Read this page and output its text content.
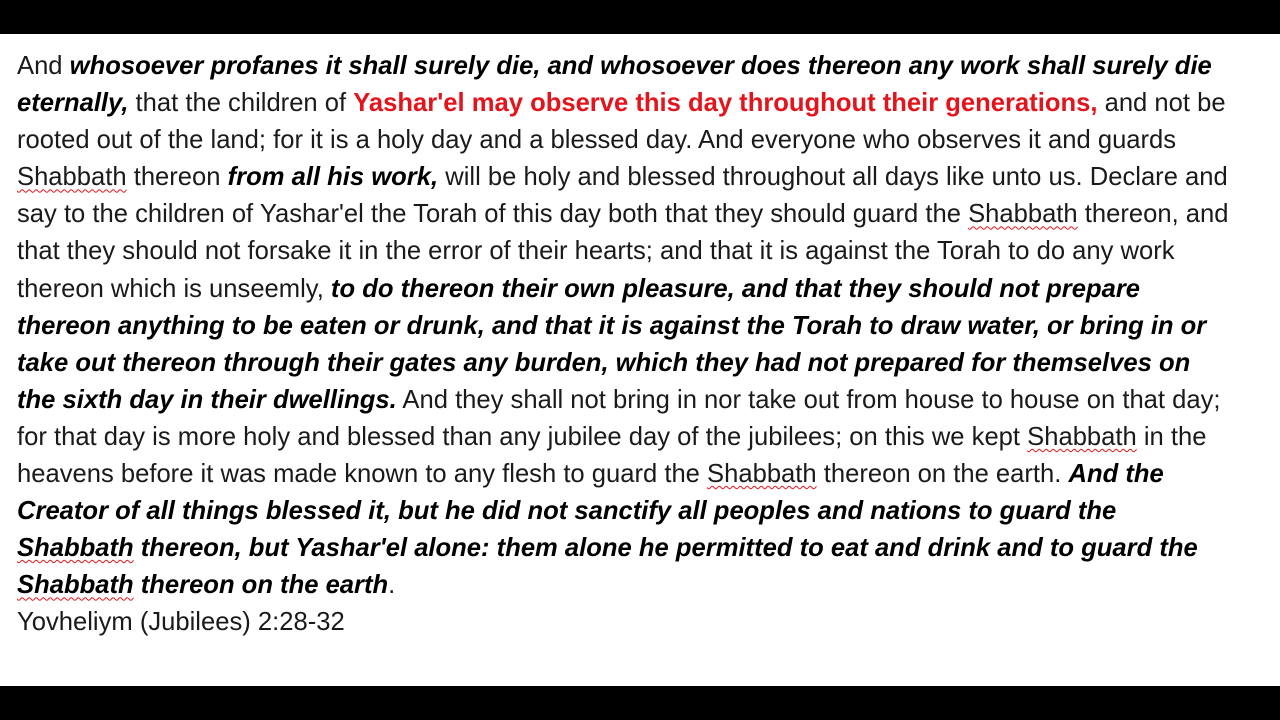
And whosoever profanes it shall surely die, and whosoever does thereon any work shall surely die eternally, that the children of Yashar'el may observe this day throughout their generations, and not be rooted out of the land; for it is a holy day and a blessed day. And everyone who observes it and guards Shabbath thereon from all his work, will be holy and blessed throughout all days like unto us. Declare and say to the children of Yashar'el the Torah of this day both that they should guard the Shabbath thereon, and that they should not forsake it in the error of their hearts; and that it is against the Torah to do any work thereon which is unseemly, to do thereon their own pleasure, and that they should not prepare thereon anything to be eaten or drunk, and that it is against the Torah to draw water, or bring in or take out thereon through their gates any burden, which they had not prepared for themselves on the sixth day in their dwellings. And they shall not bring in nor take out from house to house on that day; for that day is more holy and blessed than any jubilee day of the jubilees; on this we kept Shabbath in the heavens before it was made known to any flesh to guard the Shabbath thereon on the earth. And the Creator of all things blessed it, but he did not sanctify all peoples and nations to guard the Shabbath thereon, but Yashar'el alone: them alone he permitted to eat and drink and to guard the Shabbath thereon on the earth.
Yovheliym (Jubilees) 2:28-32
